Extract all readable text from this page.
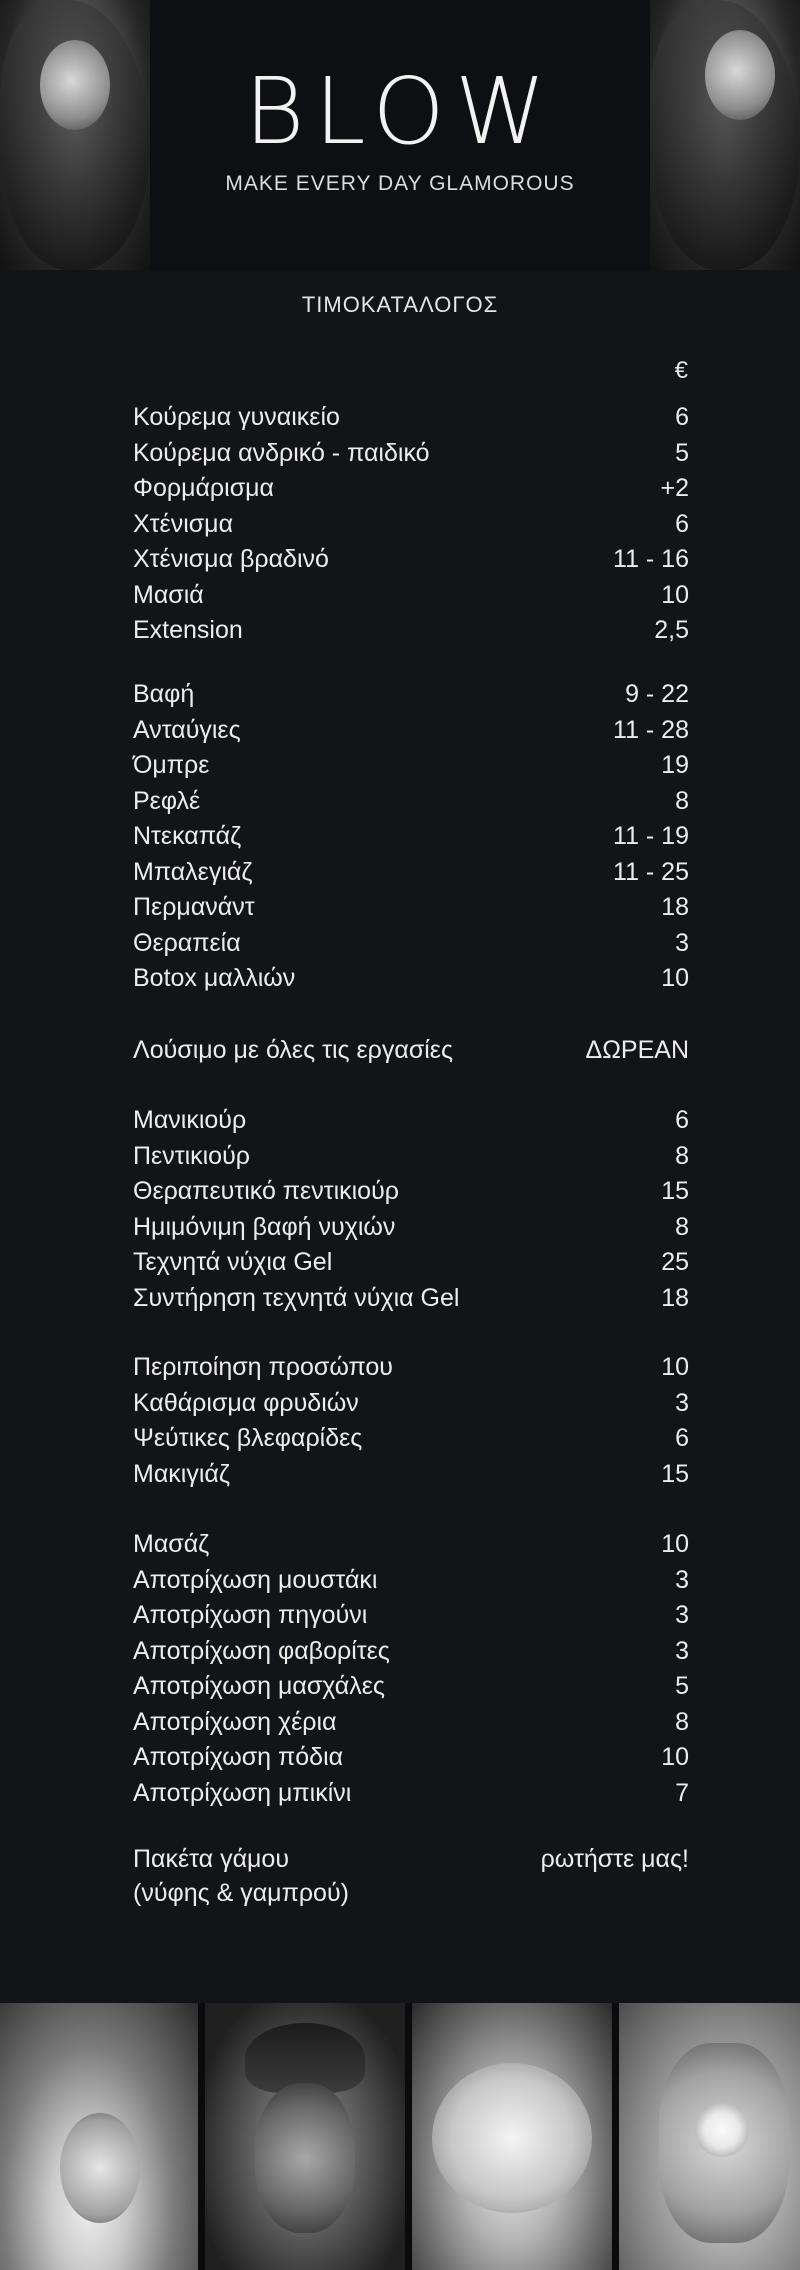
BLOW
MAKE EVERY DAY GLAMOROUS
ΤΙΜΟΚΑΤΑΛΟΓΟΣ
€
Κούρεμα γυναικείο	6
Κούρεμα ανδρικό - παιδικό	5
Φορμάρισμα	+2
Χτένισμα	6
Χτένισμα βραδινό	11 - 16
Μασιά	10
Extension	2,5
Βαφή	9 - 22
Ανταύγιες	11 - 28
Όμπρε	19
Ρεφλέ	8
Ντεκαπάζ	11 - 19
Μπαλεγιάζ	11 - 25
Περμανάντ	18
Θεραπεία	3
Botox μαλλιών	10
Λούσιμο με όλες τις εργασίες	ΔΩΡΕΑΝ
Μανικιούρ	6
Πεντικιούρ	8
Θεραπευτικό πεντικιούρ	15
Ημιμόνιμη βαφή νυχιών	8
Τεχνητά νύχια Gel	25
Συντήρηση τεχνητά νύχια Gel	18
Περιποίηση προσώπου	10
Καθάρισμα φρυδιών	3
Ψεύτικες βλεφαρίδες	6
Μακιγιάζ	15
Μασάζ	10
Αποτρίχωση μουστάκι	3
Αποτρίχωση πηγούνι	3
Αποτρίχωση φαβορίτες	3
Αποτρίχωση μασχάλες	5
Αποτρίχωση χέρια	8
Αποτρίχωση πόδια	10
Αποτρίχωση μπικίνι	7
Πακέτα γάμου	ρωτήστε μας!
(νύφης & γαμπρού)
